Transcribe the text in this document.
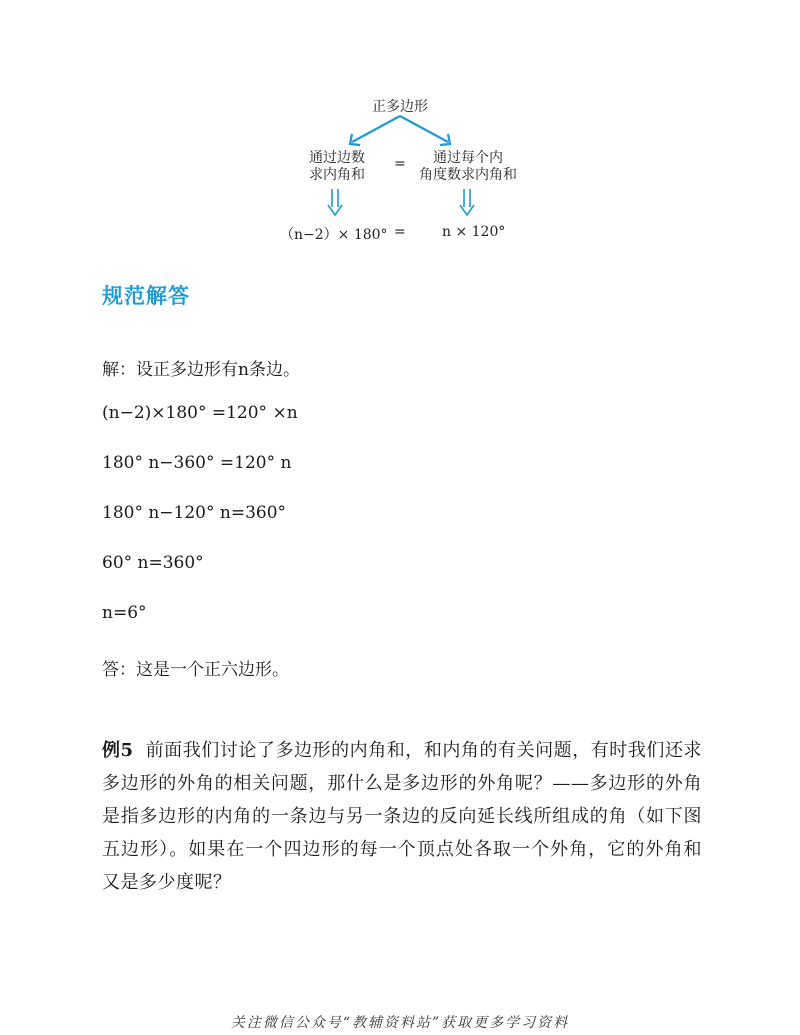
正多边形
通过边数
求内角和
=	通过每个内
角度数求内角和
（n−2）× 180° =	n × 120°
规范解答
解：设正多边形有n条边。
(n−2)×180° =120° ×n
180° n−360° =120° n
180° n−120° n=360°
60° n=360°
n=6°
答：这是一个正六边形。
例5 前面我们讨论了多边形的内角和，和内角的有关问题，有时我们还求多边形的外角的相关问题，那什么是多边形的外角呢？——多边形的外角是指多边形的内角的一条边与另一条边的反向延长线所组成的角（如下图五边形）。如果在一个四边形的每一个顶点处各取一个外角，它的外角和又是多少度呢？
关注微信公众号“教辅资料站”获取更多学习资料
